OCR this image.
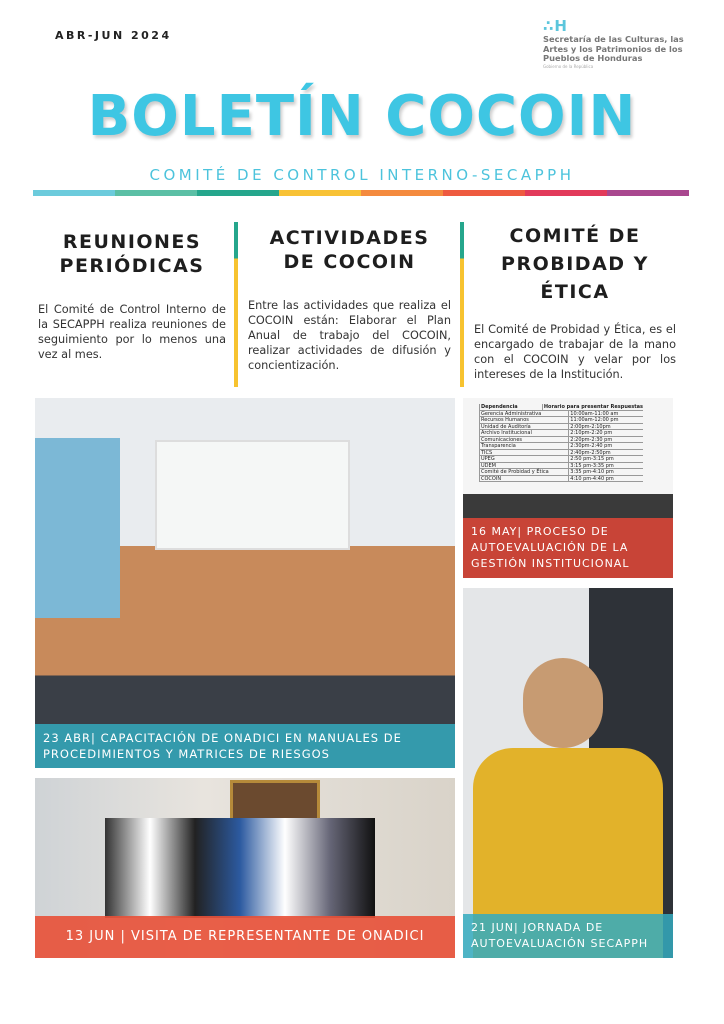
ABR-JUN 2024
∴H
Secretaría de las Culturas, las Artes y los Patrimonios de los Pueblos de Honduras
Gobierno de la República
BOLETÍN COCOIN
COMITÉ DE CONTROL INTERNO-SECAPPH
REUNIONES PERIÓDICAS

El Comité de Control Interno de la SECAPPH realiza reuniones de seguimiento por lo menos una vez al mes.

ACTIVIDADES DE COCOIN

Entre las actividades que realiza el COCOIN están: Elaborar el Plan Anual de trabajo del COCOIN, realizar actividades de difusión y concientización.

COMITÉ DE PROBIDAD Y ÉTICA

El Comité de Probidad y Ética, es el encargado de trabajar de la mano con el COCOIN y velar por los intereses de la Institución.

23 ABR| CAPACITACIÓN DE ONADICI EN MANUALES DE PROCEDIMIENTOS Y MATRICES DE RIESGOS
13 JUN | VISITA DE REPRESENTANTE DE ONADICI
Dependencia	Horario para presentar Respuestas
Gerencia Administrativa	10:00am-11:00 am
Recursos Humanos	11:00am-12:00 pm
Unidad de Auditoría	2:00pm-2:10pm
Archivo Institucional	2:10pm-2:20 pm
Comunicaciones	2:20pm-2:30 pm
Transparencia	2:30pm-2:40 pm
TICS	2:40pm-2:50pm
UPEG	2:50 pm-3:15 pm
UDEM	3:15 pm-3:35 pm
Comité de Probidad y Ética	3:35 pm-4:10 pm
COCOIN	4:10 pm-4:40 pm
16 MAY| PROCESO DE AUTOEVALUACIÓN DE LA GESTIÓN INSTITUCIONAL
21 JUN| JORNADA DE AUTOEVALUACIÓN SECAPPH
